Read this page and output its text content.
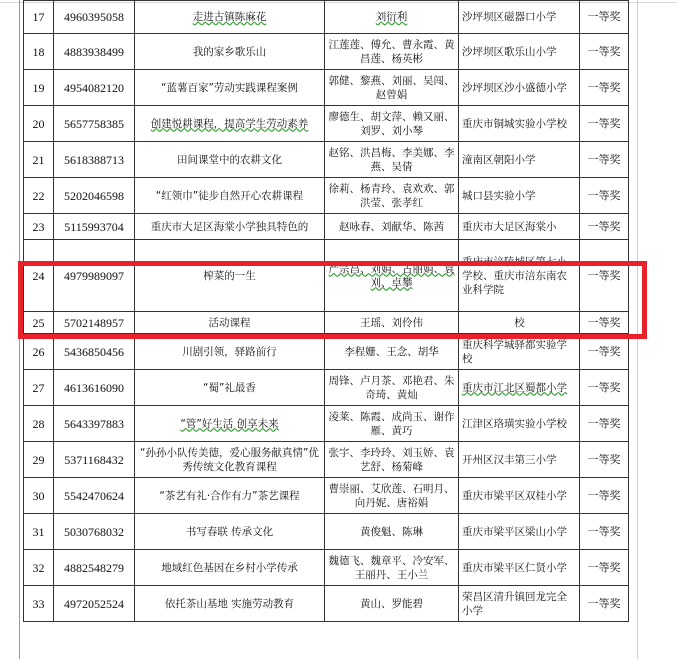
17	4960395058	走进古镇陈麻花	刘衍利	沙坪坝区磁器口小学	一等奖
18	4883938499	我的家乡歌乐山	江莲莲、傅允、曹永霞、黄昌莲、杨英彬	沙坪坝区歌乐山小学	一等奖
19	4954082120	“蓝薯百家”劳动实践课程案例	郭健、黎燕、刘丽、吴闯、赵曾娟	沙坪坝区沙小盛德小学	一等奖
20	5657758385	创建悦耕课程，提高学生劳动素养	廖德生、胡文萍、赖又丽、刘罗、刘小琴	重庆市铜城实验小学校	一等奖
21	5618388713	田间课堂中的农耕文化	赵铭、洪昌梅、李美娜、李燕、吴倩	潼南区朝阳小学	一等奖
22	5202046598	“红领巾”徒步自然开心农耕课程	徐莉、杨青玲、袁欢欢、郭洪莹、张孝红	城口县实验小学	一等奖
23	5115993704	重庆市大足区海棠小学独具特色的	赵咏春、刘献华、陈茜	重庆市大足区海棠小	一等奖
24	4979989097	榨菜的一生	严宗昌、刘娟、古丽娟、袁刈、卓攀	重庆市涪陵城区第七小学校、重庆市涪东南农业科学院	一等奖
25	5702148957	活动课程	王瑶、刘伶伟	校	一等奖
26	5436850456	川剧引领，驿路前行	李程姗、王念、胡华	重庆科学城驿都实验学校	一等奖
27	4613616090	“蜀”礼最香	周锋、卢月茶、邓艳君、朱奇琦、黄灿	重庆市江北区蜀都小学	一等奖
28	5643397883	“管”好生活 创享未来	凌莱、陈霞、成尚玉、谢作雁、黄巧	江津区珞璜实验小学校	一等奖
29	5371168432	“孙孙小队传美德，爱心服务献真情”优秀传统文化教育课程	张宇、李玲玲、刘玉娇、袁艺舒、杨菊峰	开州区汉丰第三小学	一等奖
30	5542470624	“茶艺有礼·合作有力”茶艺课程	曹崇丽、艾欣莲、石明月、向丹妮、唐裕娟	重庆市梁平区双桂小学	一等奖
31	5030768032	书写春联 传承文化	黄俊魁、陈琳	重庆市梁平区梁山小学	一等奖
32	4882548279	地域红色基因在乡村小学传承	魏德飞、魏章平、冷安军、王丽丹、王小兰	重庆市梁平区仁贤小学	一等奖
33	4972052524	依托茶山基地 实施劳动教育	黄山、罗能碧	荣昌区清升镇回龙完全小学	一等奖
